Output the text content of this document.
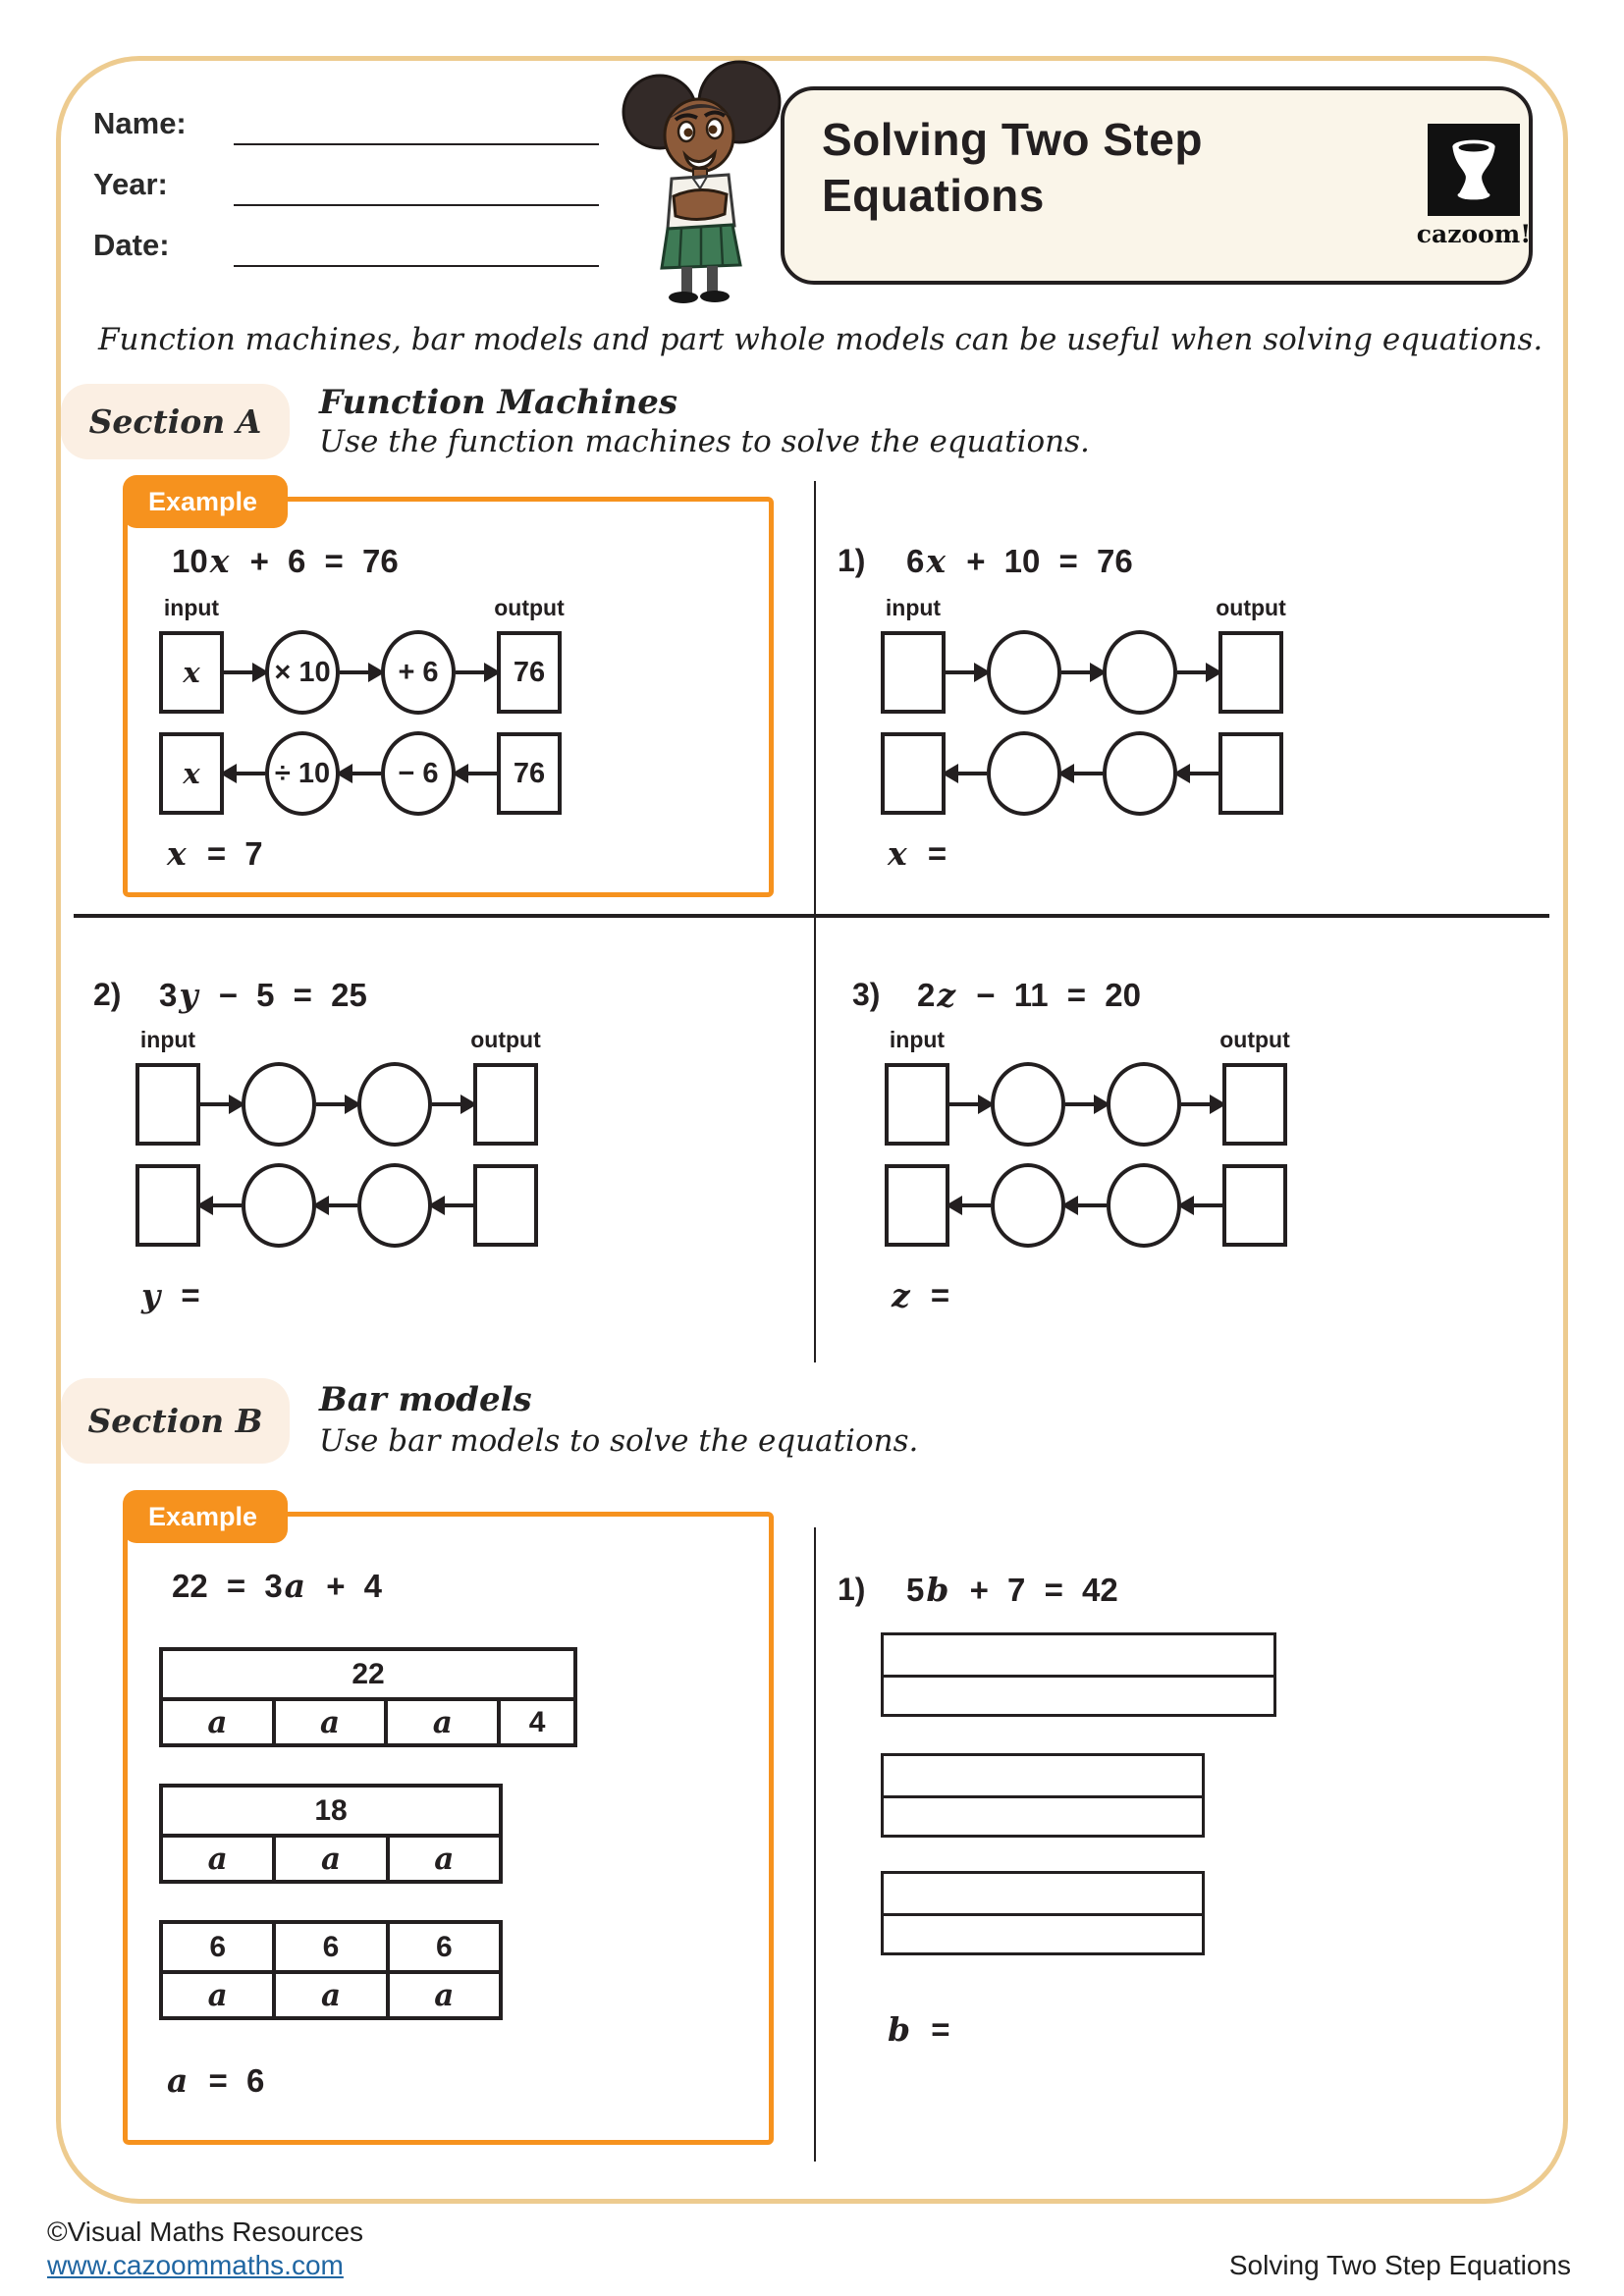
Name:
Year:
Date:
Solving Two Step
Equations
cazoom!
Function machines, bar models and part whole models can be useful when solving equations.
Section A	Function Machines
Use the function machines to solve the equations.
Example
10x + 6 = 76
input	output
x	× 10 + 6	76
x	÷ 10 − 6	76
x = 7
1) 6x + 10 = 76
input	output
x =
2) 3y − 5 = 25
input	output
y =
3) 2z − 11 = 20
input	output
z =
Section B
Bar models
Use bar models to solve the equations.
Example
22 = 3a + 4
22
a	a	a	4
18
a	a	a
6	6	6
a	a	a
a = 6
1) 5b + 7 = 42
b =
©Visual Maths Resources
www.cazoommaths.com	Solving Two Step Equations
